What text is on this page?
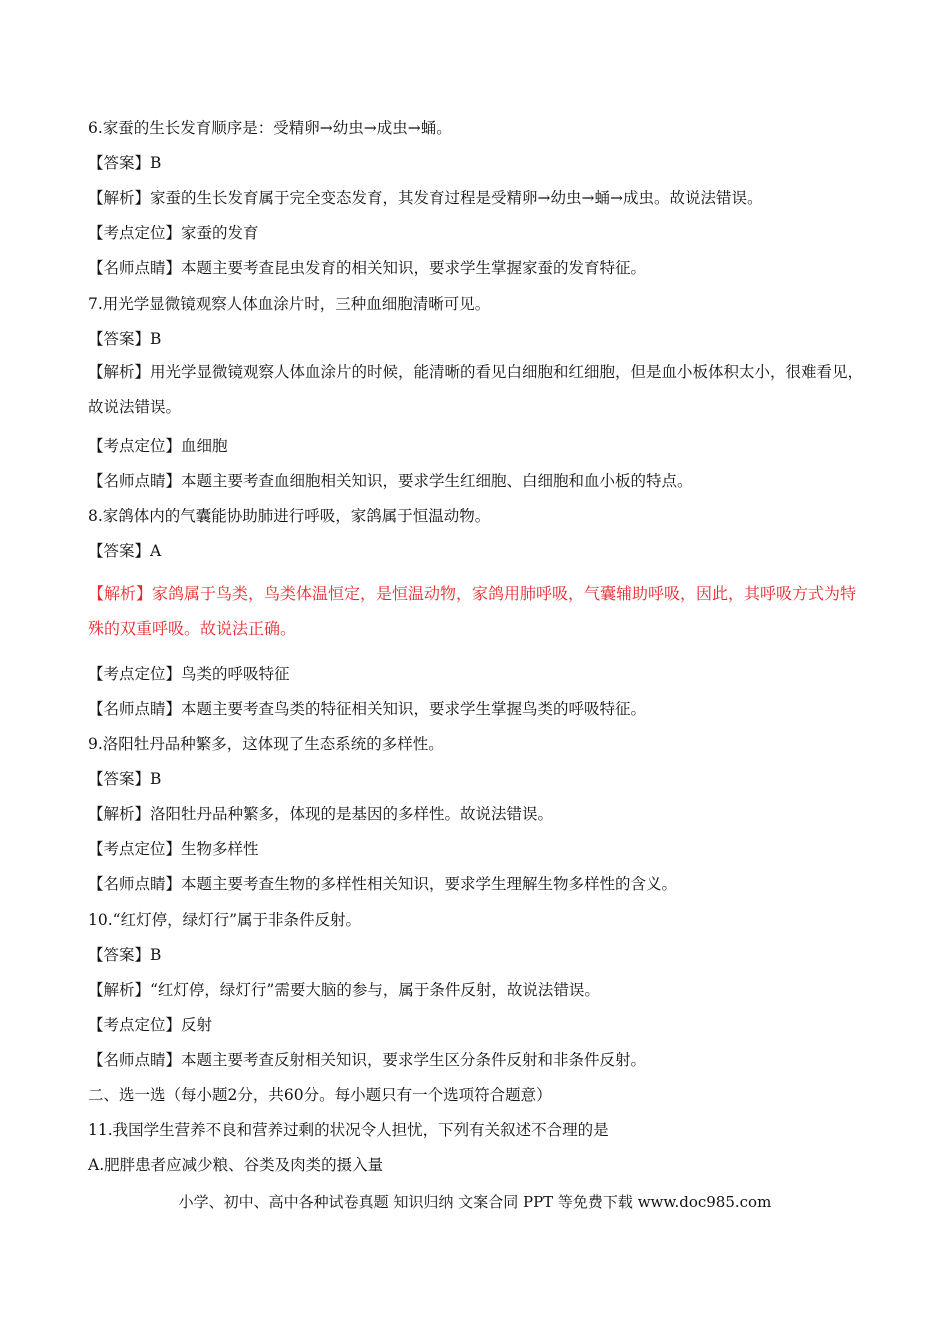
6.家蚕的生长发育顺序是：受精卵→幼虫→成虫→蛹。
【答案】B
【解析】家蚕的生长发育属于完全变态发育，其发育过程是受精卵→幼虫→蛹→成虫。故说法错误。
【考点定位】家蚕的发育
【名师点睛】本题主要考查昆虫发育的相关知识，要求学生掌握家蚕的发育特征。
7.用光学显微镜观察人体血涂片时，三种血细胞清晰可见。
【答案】B
【解析】用光学显微镜观察人体血涂片的时候，能清晰的看见白细胞和红细胞，但是血小板体积太小，很难看见，故说法错误。
【考点定位】血细胞
【名师点睛】本题主要考查血细胞相关知识，要求学生红细胞、白细胞和血小板的特点。
8.家鸽体内的气囊能协助肺进行呼吸，家鸽属于恒温动物。
【答案】A
【解析】家鸽属于鸟类，鸟类体温恒定，是恒温动物，家鸽用肺呼吸，气囊辅助呼吸，因此，其呼吸方式为特殊的双重呼吸。故说法正确。
【考点定位】鸟类的呼吸特征
【名师点睛】本题主要考查鸟类的特征相关知识，要求学生掌握鸟类的呼吸特征。
9.洛阳牡丹品种繁多，这体现了生态系统的多样性。
【答案】B
【解析】洛阳牡丹品种繁多，体现的是基因的多样性。故说法错误。
【考点定位】生物多样性
【名师点睛】本题主要考查生物的多样性相关知识，要求学生理解生物多样性的含义。
10.“红灯停，绿灯行”属于非条件反射。
【答案】B
【解析】“红灯停，绿灯行”需要大脑的参与，属于条件反射，故说法错误。
【考点定位】反射
【名师点睛】本题主要考查反射相关知识，要求学生区分条件反射和非条件反射。
二、选一选（每小题2分，共60分。每小题只有一个选项符合题意）
11.我国学生营养不良和营养过剩的状况令人担忧，下列有关叙述不合理的是
A.肥胖患者应减少粮、谷类及肉类的摄入量
小学、初中、高中各种试卷真题 知识归纳 文案合同 PPT 等免费下载 www.doc985.com
